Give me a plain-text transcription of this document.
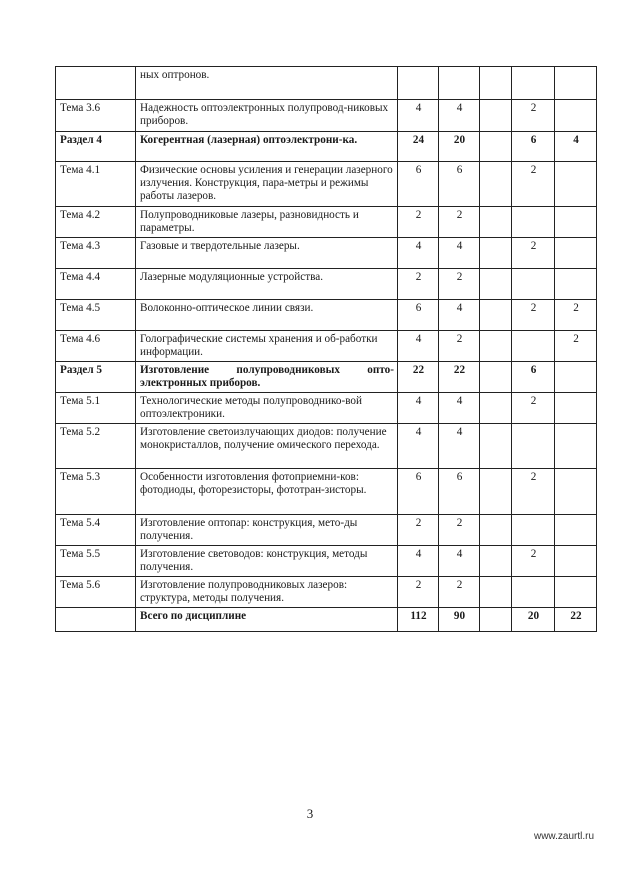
	ных оптронов.					
Тема 3.6	Надежность оптоэлектронных полупровод-никовых приборов.	4	4		2	
Раздел 4	Когерентная (лазерная) оптоэлектрони-ка.	24	20		6	4
Тема 4.1	Физические основы усиления и генерации лазерного излучения. Конструкция, пара-метры и режимы работы лазеров.	6	6		2	
Тема 4.2	Полупроводниковые лазеры, разновидность и параметры.	2	2			
Тема 4.3	Газовые и твердотельные лазеры.	4	4		2	
Тема 4.4	Лазерные модуляционные устройства.	2	2			
Тема 4.5	Волоконно-оптическое линии связи.	6	4		2	2
Тема 4.6	Голографические системы хранения и об-работки информации.	4	2			2
Раздел 5	Изготовление полупроводниковых опто-электронных приборов.	22	22		6	
Тема 5.1	Технологические методы полупроводнико-вой оптоэлектроники.	4	4		2	
Тема 5.2	Изготовление светоизлучающих диодов: получение монокристаллов, получение омического перехода.	4	4			
Тема 5.3	Особенности изготовления фотоприемни-ков: фотодиоды, фоторезисторы, фототран-зисторы.	6	6		2	
Тема 5.4	Изготовление оптопар: конструкция, мето-ды получения.	2	2			
Тема 5.5	Изготовление световодов: конструкция, методы получения.	4	4		2	
Тема 5.6	Изготовление полупроводниковых лазеров: структура, методы получения.	2	2			
	Всего по дисциплине	112	90		20	22
3
www.zaurtl.ru
